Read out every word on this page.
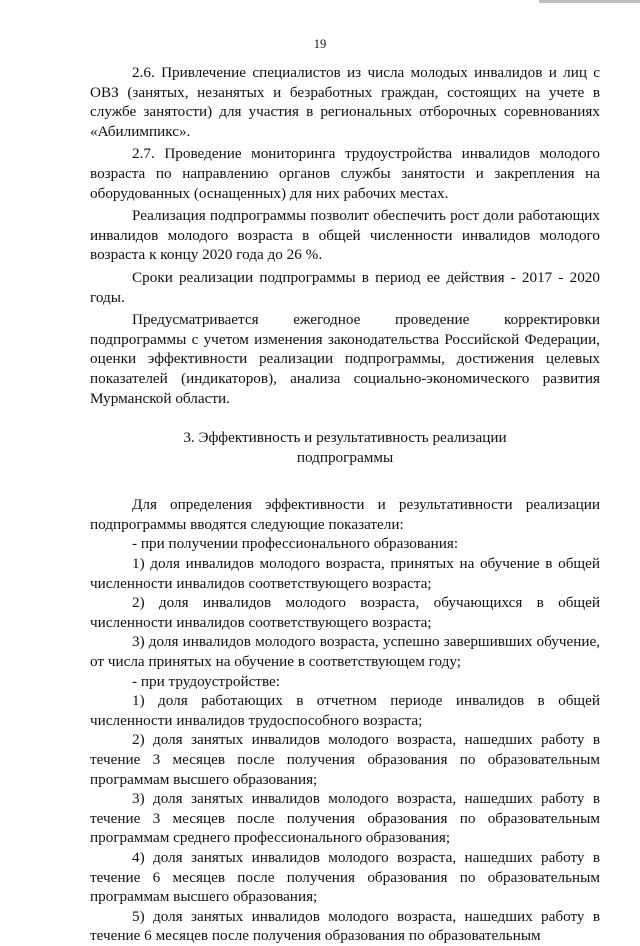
19

2.6. Привлечение специалистов из числа молодых инвалидов и лиц с ОВЗ (занятых, незанятых и безработных граждан, состоящих на учете в службе занятости) для участия в региональных отборочных соревнованиях «Абилимпикс».

2.7. Проведение мониторинга трудоустройства инвалидов молодого возраста по направлению органов службы занятости и закрепления на оборудованных (оснащенных) для них рабочих местах.

Реализация подпрограммы позволит обеспечить рост доли работающих инвалидов молодого возраста в общей численности инвалидов молодого возраста к концу 2020 года до 26 %.

Сроки реализации подпрограммы в период ее действия - 2017 - 2020 годы.

Предусматривается ежегодное проведение корректировки подпрограммы с учетом изменения законодательства Российской Федерации, оценки эффективности реализации подпрограммы, достижения целевых показателей (индикаторов), анализа социально-экономического развития Мурманской области.

3. Эффективность и результативность реализации
подпрограммы

Для определения эффективности и результативности реализации подпрограммы вводятся следующие показатели:

- при получении профессионального образования:

1) доля инвалидов молодого возраста, принятых на обучение в общей численности инвалидов соответствующего возраста;

2) доля инвалидов молодого возраста, обучающихся в общей численности инвалидов соответствующего возраста;

3) доля инвалидов молодого возраста, успешно завершивших обучение, от числа принятых на обучение в соответствующем году;

- при трудоустройстве:

1) доля работающих в отчетном периоде инвалидов в общей численности инвалидов трудоспособного возраста;

2) доля занятых инвалидов молодого возраста, нашедших работу в течение 3 месяцев после получения образования по образовательным программам высшего образования;

3) доля занятых инвалидов молодого возраста, нашедших работу в течение 3 месяцев после получения образования по образовательным программам среднего профессионального образования;

4) доля занятых инвалидов молодого возраста, нашедших работу в течение 6 месяцев после получения образования по образовательным программам высшего образования;

5) доля занятых инвалидов молодого возраста, нашедших работу в течение 6 месяцев после получения образования по образовательным
